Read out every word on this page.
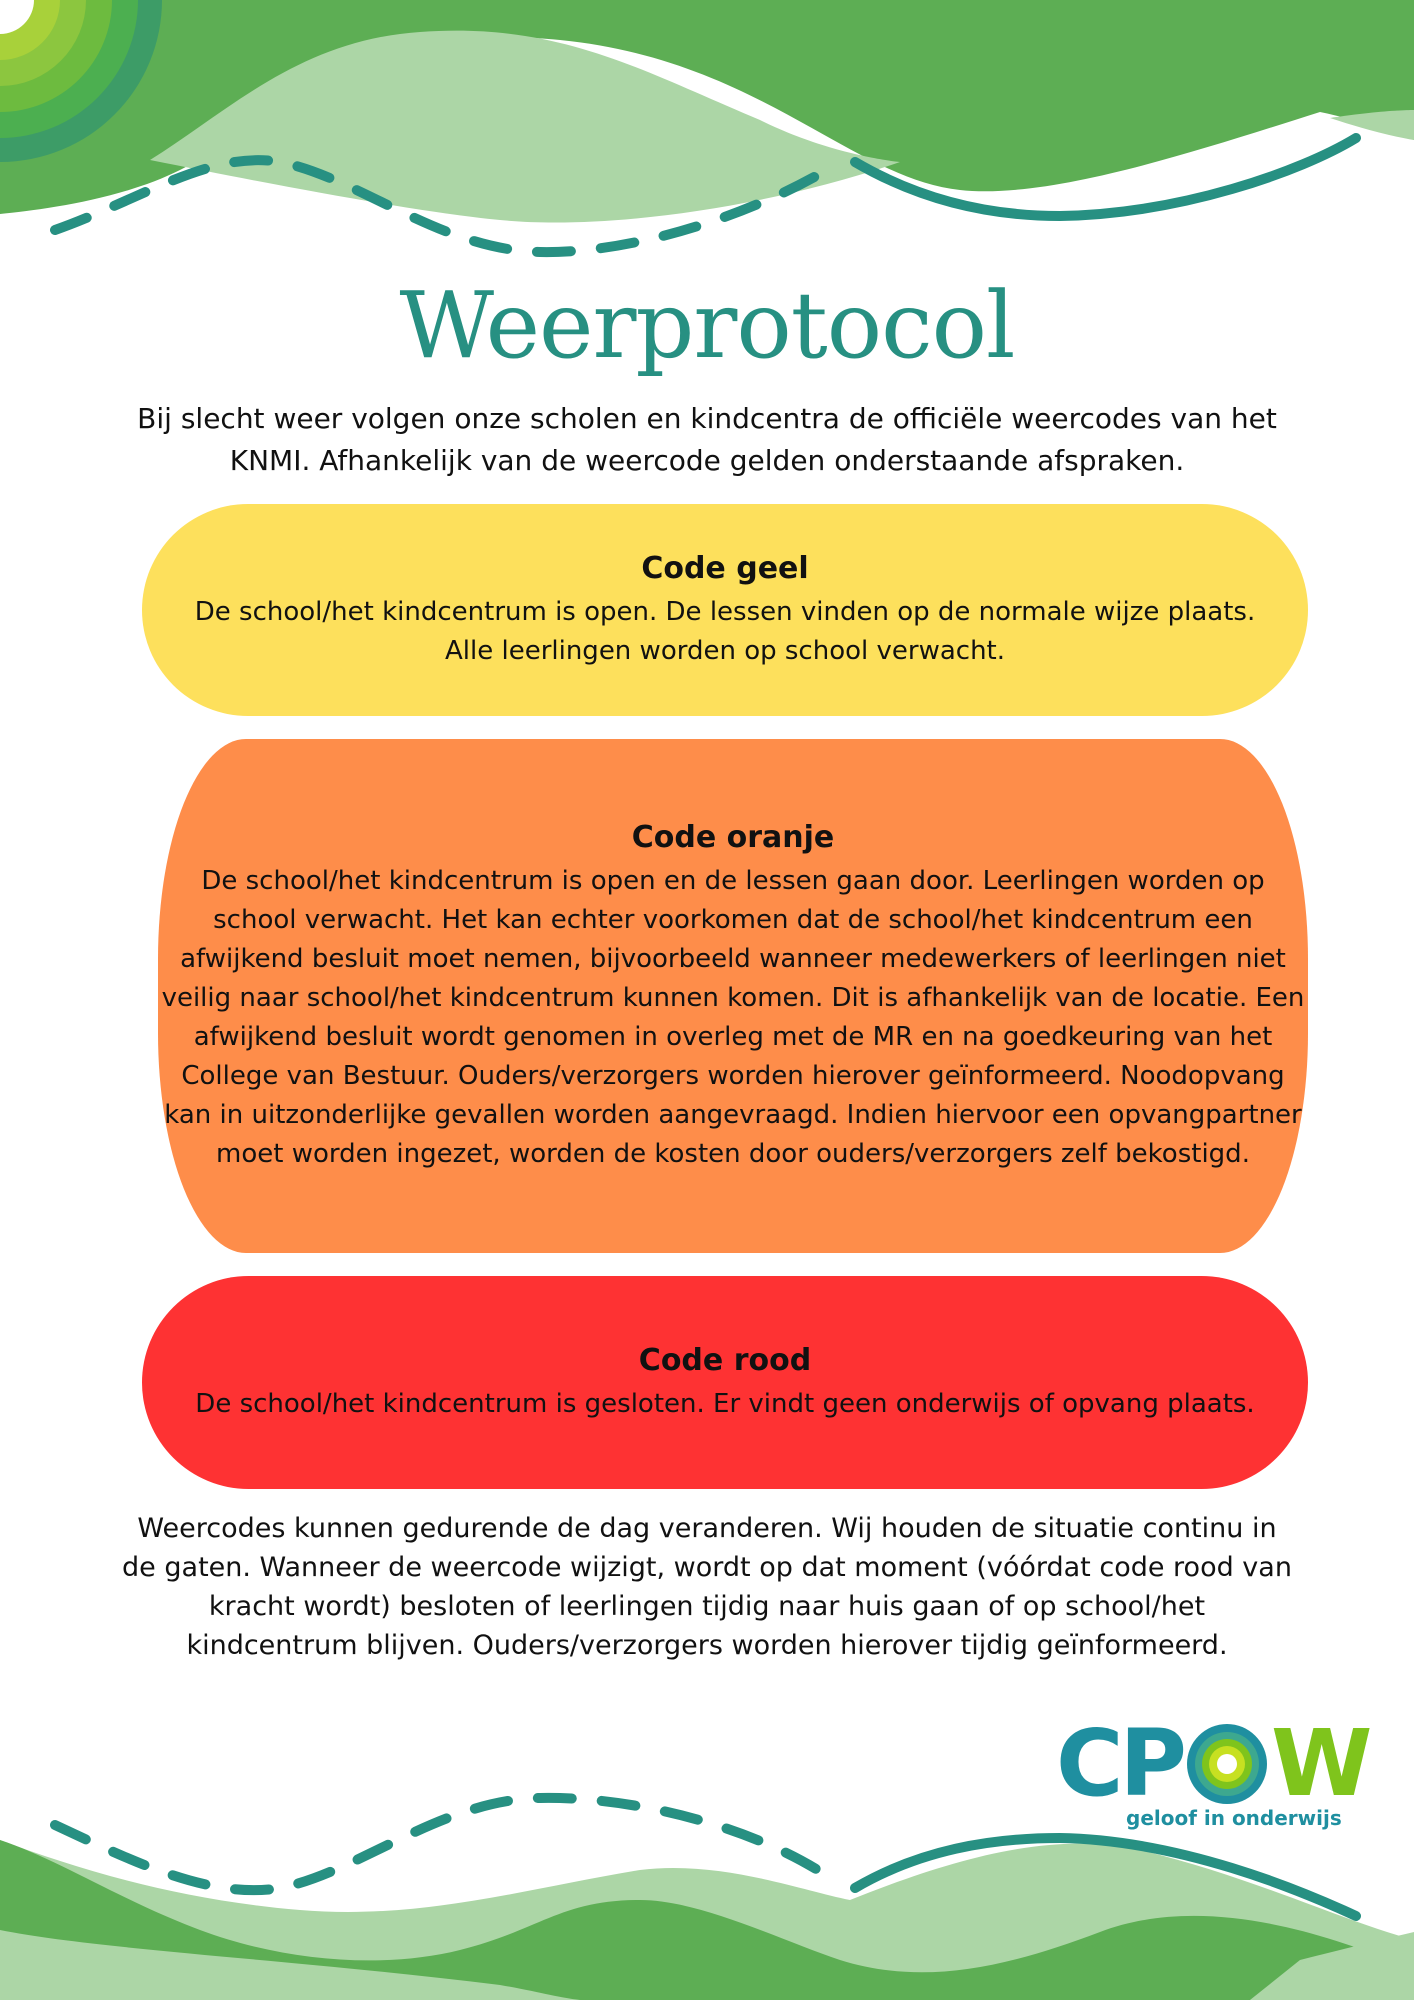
Weerprotocol
Bij slecht weer volgen onze scholen en kindcentra de officiële weercodes van het KNMI. Afhankelijk van de weercode gelden onderstaande afspraken.
Code geel
De school/het kindcentrum is open. De lessen vinden op de normale wijze plaats. Alle leerlingen worden op school verwacht.
Code oranje
De school/het kindcentrum is open en de lessen gaan door. Leerlingen worden op school verwacht. Het kan echter voorkomen dat de school/het kindcentrum een afwijkend besluit moet nemen, bijvoorbeeld wanneer medewerkers of leerlingen niet veilig naar school/het kindcentrum kunnen komen. Dit is afhankelijk van de locatie. Een afwijkend besluit wordt genomen in overleg met de MR en na goedkeuring van het College van Bestuur. Ouders/verzorgers worden hierover geïnformeerd. Noodopvang kan in uitzonderlijke gevallen worden aangevraagd. Indien hiervoor een opvangpartner moet worden ingezet, worden de kosten door ouders/verzorgers zelf bekostigd.
Code rood
De school/het kindcentrum is gesloten. Er vindt geen onderwijs of opvang plaats.
Weercodes kunnen gedurende de dag veranderen. Wij houden de situatie continu in de gaten. Wanneer de weercode wijzigt, wordt op dat moment (vóórdat code rood van kracht wordt) besloten of leerlingen tijdig naar huis gaan of op school/het kindcentrum blijven. Ouders/verzorgers worden hierover tijdig geïnformeerd.
C P W
geloof in onderwijs
